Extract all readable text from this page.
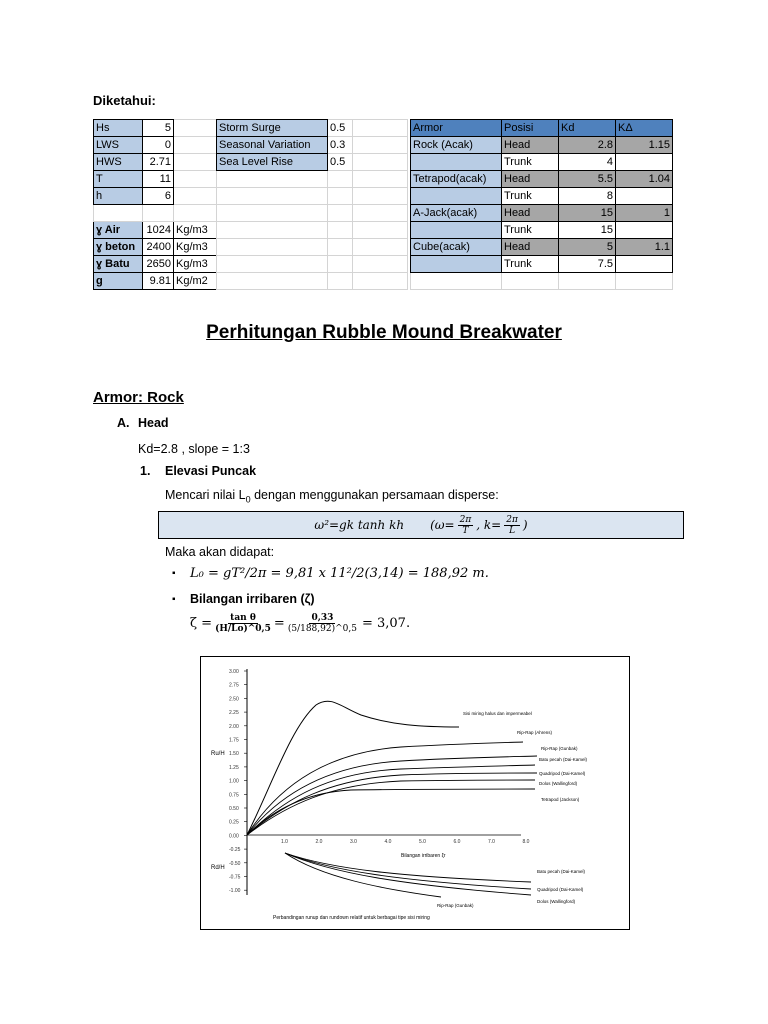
Diketahui:
Hs	5	
LWS	0	
HWS	2.71	
T	11	
h	6	

ɣ Air	1024	Kg/m3
ɣ beton	2400	Kg/m3
ɣ Batu	2650	Kg/m3
g	9.81	Kg/m2
Storm Surge	0.5	
Seasonal Variation	0.3	
Sea Level Rise	0.5	

Armor	Posisi	Kd	KΔ
Rock (Acak)	Head	2.8	1.15
	Trunk	4	
Tetrapod(acak)	Head	5.5	1.04
	Trunk	8	
A-Jack(acak)	Head	15	1
	Trunk	15	
Cube(acak)	Head	5	1.1
	Trunk	7.5	

Perhitungan Rubble Mound Breakwater
Armor: Rock
A. Head
Kd=2.8 , slope = 1:3
1. Elevasi Puncak
Mencari nilai $L_0$ dengan menggunakan persamaan disperse:
ω²=gk tanh kh ($\omega= \frac{2\pi}{T}$ , $k= \frac{2\pi}{L}$ )
Maka akan didapat:
▪ L₀ = gT²/2π = 9,81 x 11²/2(3,14) = 188,92 m.
▪ Bilangan irribaren (ζ)
$\zeta = \frac{\text{tan θ}}{(H/Lo)\^{}0,5} = \frac{0,33}{(5/188,92)\^{}0,5} = 3,07$.
3.00
2.75
2.50
2.25
2.00
1.75
1.50
1.25
1.00
0.75
0.50
0.25
0.00
-0.25
-0.50
-0.75
-1.00
1.0	2.0	3.0	4.0	5.0	6.0	7.0	8.0
Ru/H
Rd/H
Bilangan irribaren ξr
Sisi miring halus dan impermeabel
Rip-Rap (Ahrens)
Rip-Rap (Gunbak)
Batu pecah (Dai-Kamel)
Quadripod (Dai-Kamel)
Dolos (Wallingford)
Tetrapod (Jackson)
Batu pecah (Dai-Kamel)
Quadripod (Dai-Kamel)
Dolos (Wallingford)
Rip-Rap (Gunbak)
Perbandingan runup dan rundown relatif untuk berbagai tipe sisi miring
